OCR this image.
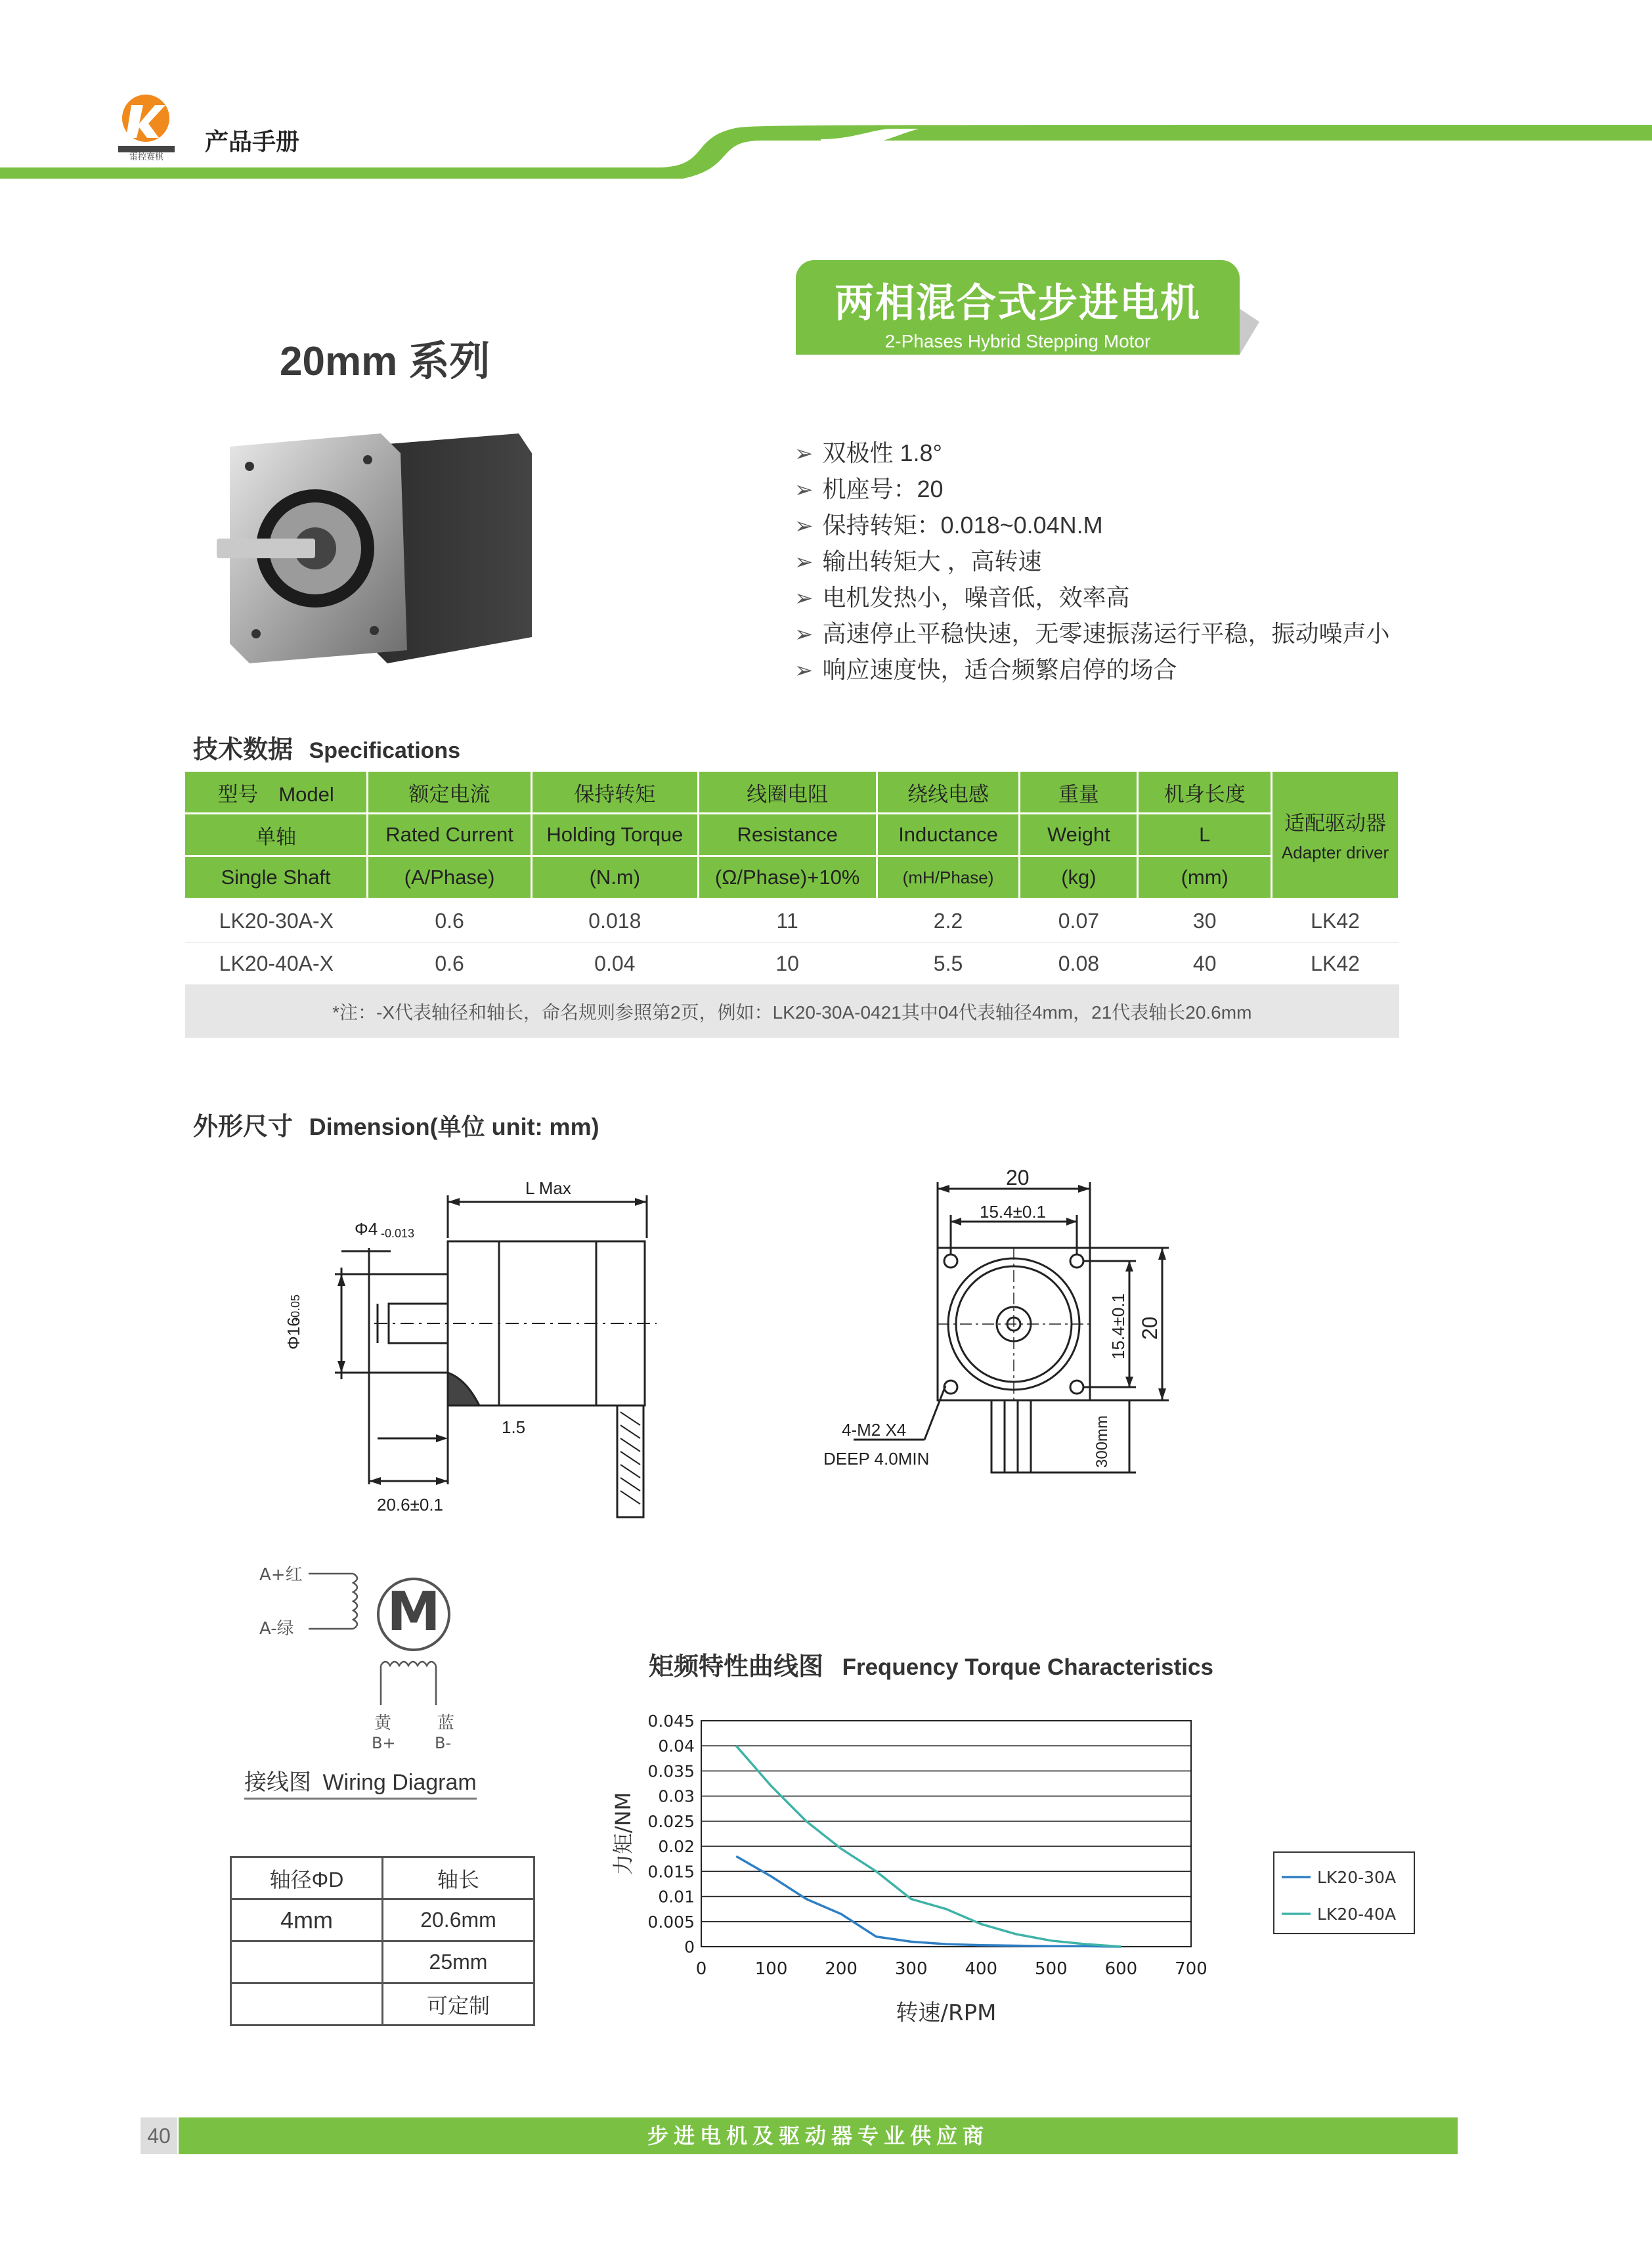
雷控赛棋
产品手册
两相混合式步进电机
2-Phases Hybrid Stepping Motor
20mm 系列
➢ 双极性 1.8°
➢ 机座号：20
➢ 保持转矩：0.018~0.04N.M
➢ 输出转矩大 ，高转速
➢ 电机发热小，噪音低，效率高
➢ 高速停止平稳快速，无零速振荡运行平稳，振动噪声小
➢ 响应速度快，适合频繁启停的场合
技术数据 Specifications
型号　Model	额定电流	保持转矩	线圈电阻	绕线电感	重量	机身长度	适配驱动器
Adapter driver

单轴	Rated Current	Holding Torque	Resistance	Inductance	Weight	L	
Single Shaft	(A/Phase)	(N.m)	(Ω/Phase)+10%	(mH/Phase)	(kg)	(mm)	
LK20-30A-X	0.6	0.018	11	2.2	0.07	30	LK42
LK20-40A-X	0.6	0.04	10	5.5	0.08	40	LK42
*注：-X代表轴径和轴长，命名规则参照第2页，例如：LK20-30A-0421其中04代表轴径4mm，21代表轴长20.6mm							
外形尺寸 Dimension(单位 unit: mm)
L Max
Φ4 -0.013
Φ16
-0.05
1.5
20.6±0.1
20
15.4±0.1
15.4±0.1 20
4-M2 X4
DEEP 4.0MIN	300mm
A+红
A-绿 M
黄
B+
蓝
B-
接线图 Wiring Diagram
轴径ΦD	轴长
4mm	20.6mm
	25mm
	可定制
矩频特性曲线图 Frequency Torque Characteristics
0
0.005
0.01
0.015
0.02
0.025
0.03
0.035
0.04
0.045
0	100 200 300 400 500 600 700
转速/RPM
力矩/NM
LK20-30A
LK20-40A
40	步进电机及驱动器专业供应商
